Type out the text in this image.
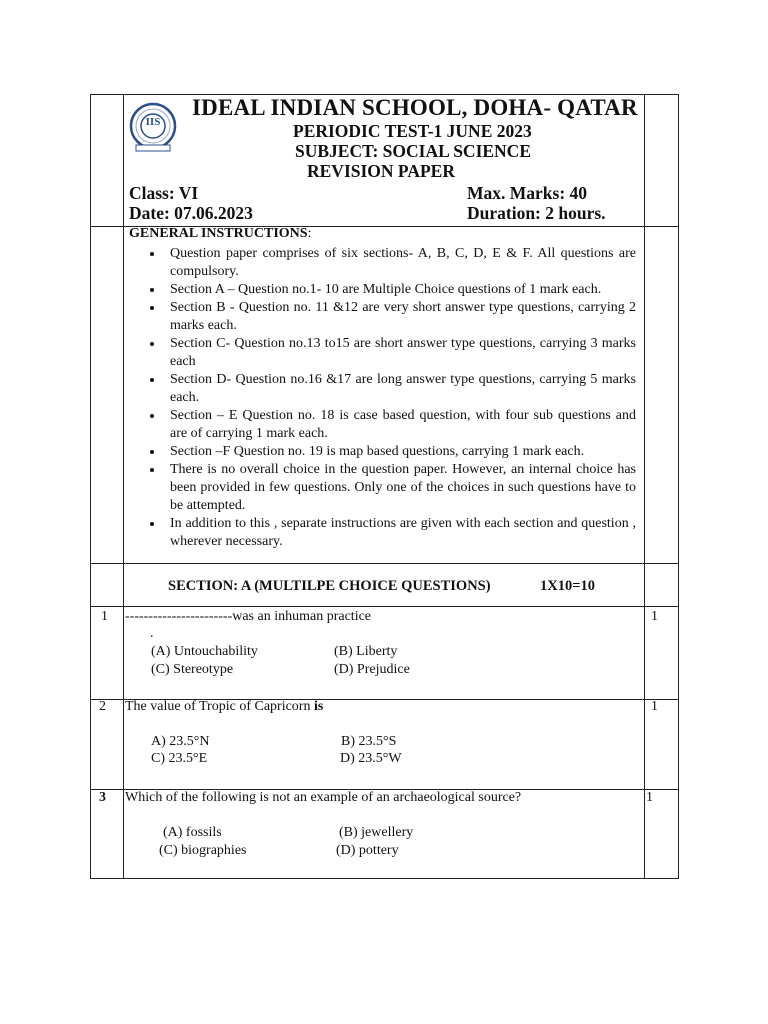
IIS
IDEAL INDIAN SCHOOL, DOHA- QATAR
PERIODIC TEST-1 JUNE 2023
SUBJECT: SOCIAL SCIENCE
REVISION PAPER
Class: VI	Max. Marks: 40
Date: 07.06.2023	Duration: 2 hours.
GENERAL INSTRUCTIONS:
• Question paper comprises of six sections- A, B, C, D, E & F. All questions are compulsory.
• Section A – Question no.1- 10 are Multiple Choice questions of 1 mark each.
• Section B - Question no. 11 &12 are very short answer type questions, carrying 2 marks each.
• Section C- Question no.13 to15 are short answer type questions, carrying 3 marks each
• Section D- Question no.16 &17 are long answer type questions, carrying 5 marks each.
• Section – E Question no. 18 is case based question, with four sub questions and are of carrying 1 mark each.
• Section –F Question no. 19 is map based questions, carrying 1 mark each.
• There is no overall choice in the question paper. However, an internal choice has been provided in few questions. Only one of the choices in such questions have to be attempted.
• In addition to this , separate instructions are given with each section and question , wherever necessary.
SECTION: A (MULTILPE CHOICE QUESTIONS)	1X10=10
1 -----------------------was an inhuman practice
.
(A) Untouchability	(B) Liberty
(C) Stereotype	(D) Prejudice
1
2 The value of Tropic of Capricorn is
A) 23.5°N	B) 23.5°S
C) 23.5°E	D) 23.5°W
1
3 Which of the following is not an example of an archaeological source?
(A) fossils	(B) jewellery
(C) biographies	(D) pottery
1
